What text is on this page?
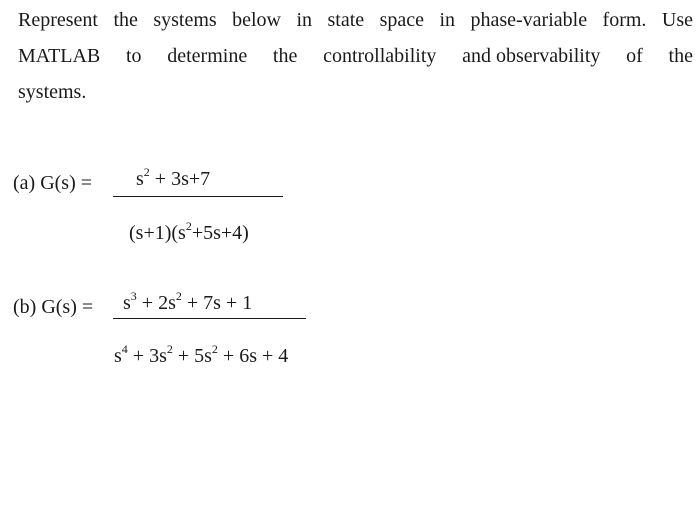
Represent the systems below in state space in phase-variable form. Use
MATLAB to determine the controllability and observability of the
systems.
(a) $G(s) = s^2 + 3s+7$
$(s+1)(s^2+5s+4)$
(b) $G(s) = s^3 + 2s^2 + 7s + 1$
$s^4 + 3s^2 + 5s^2 + 6s + 4$
